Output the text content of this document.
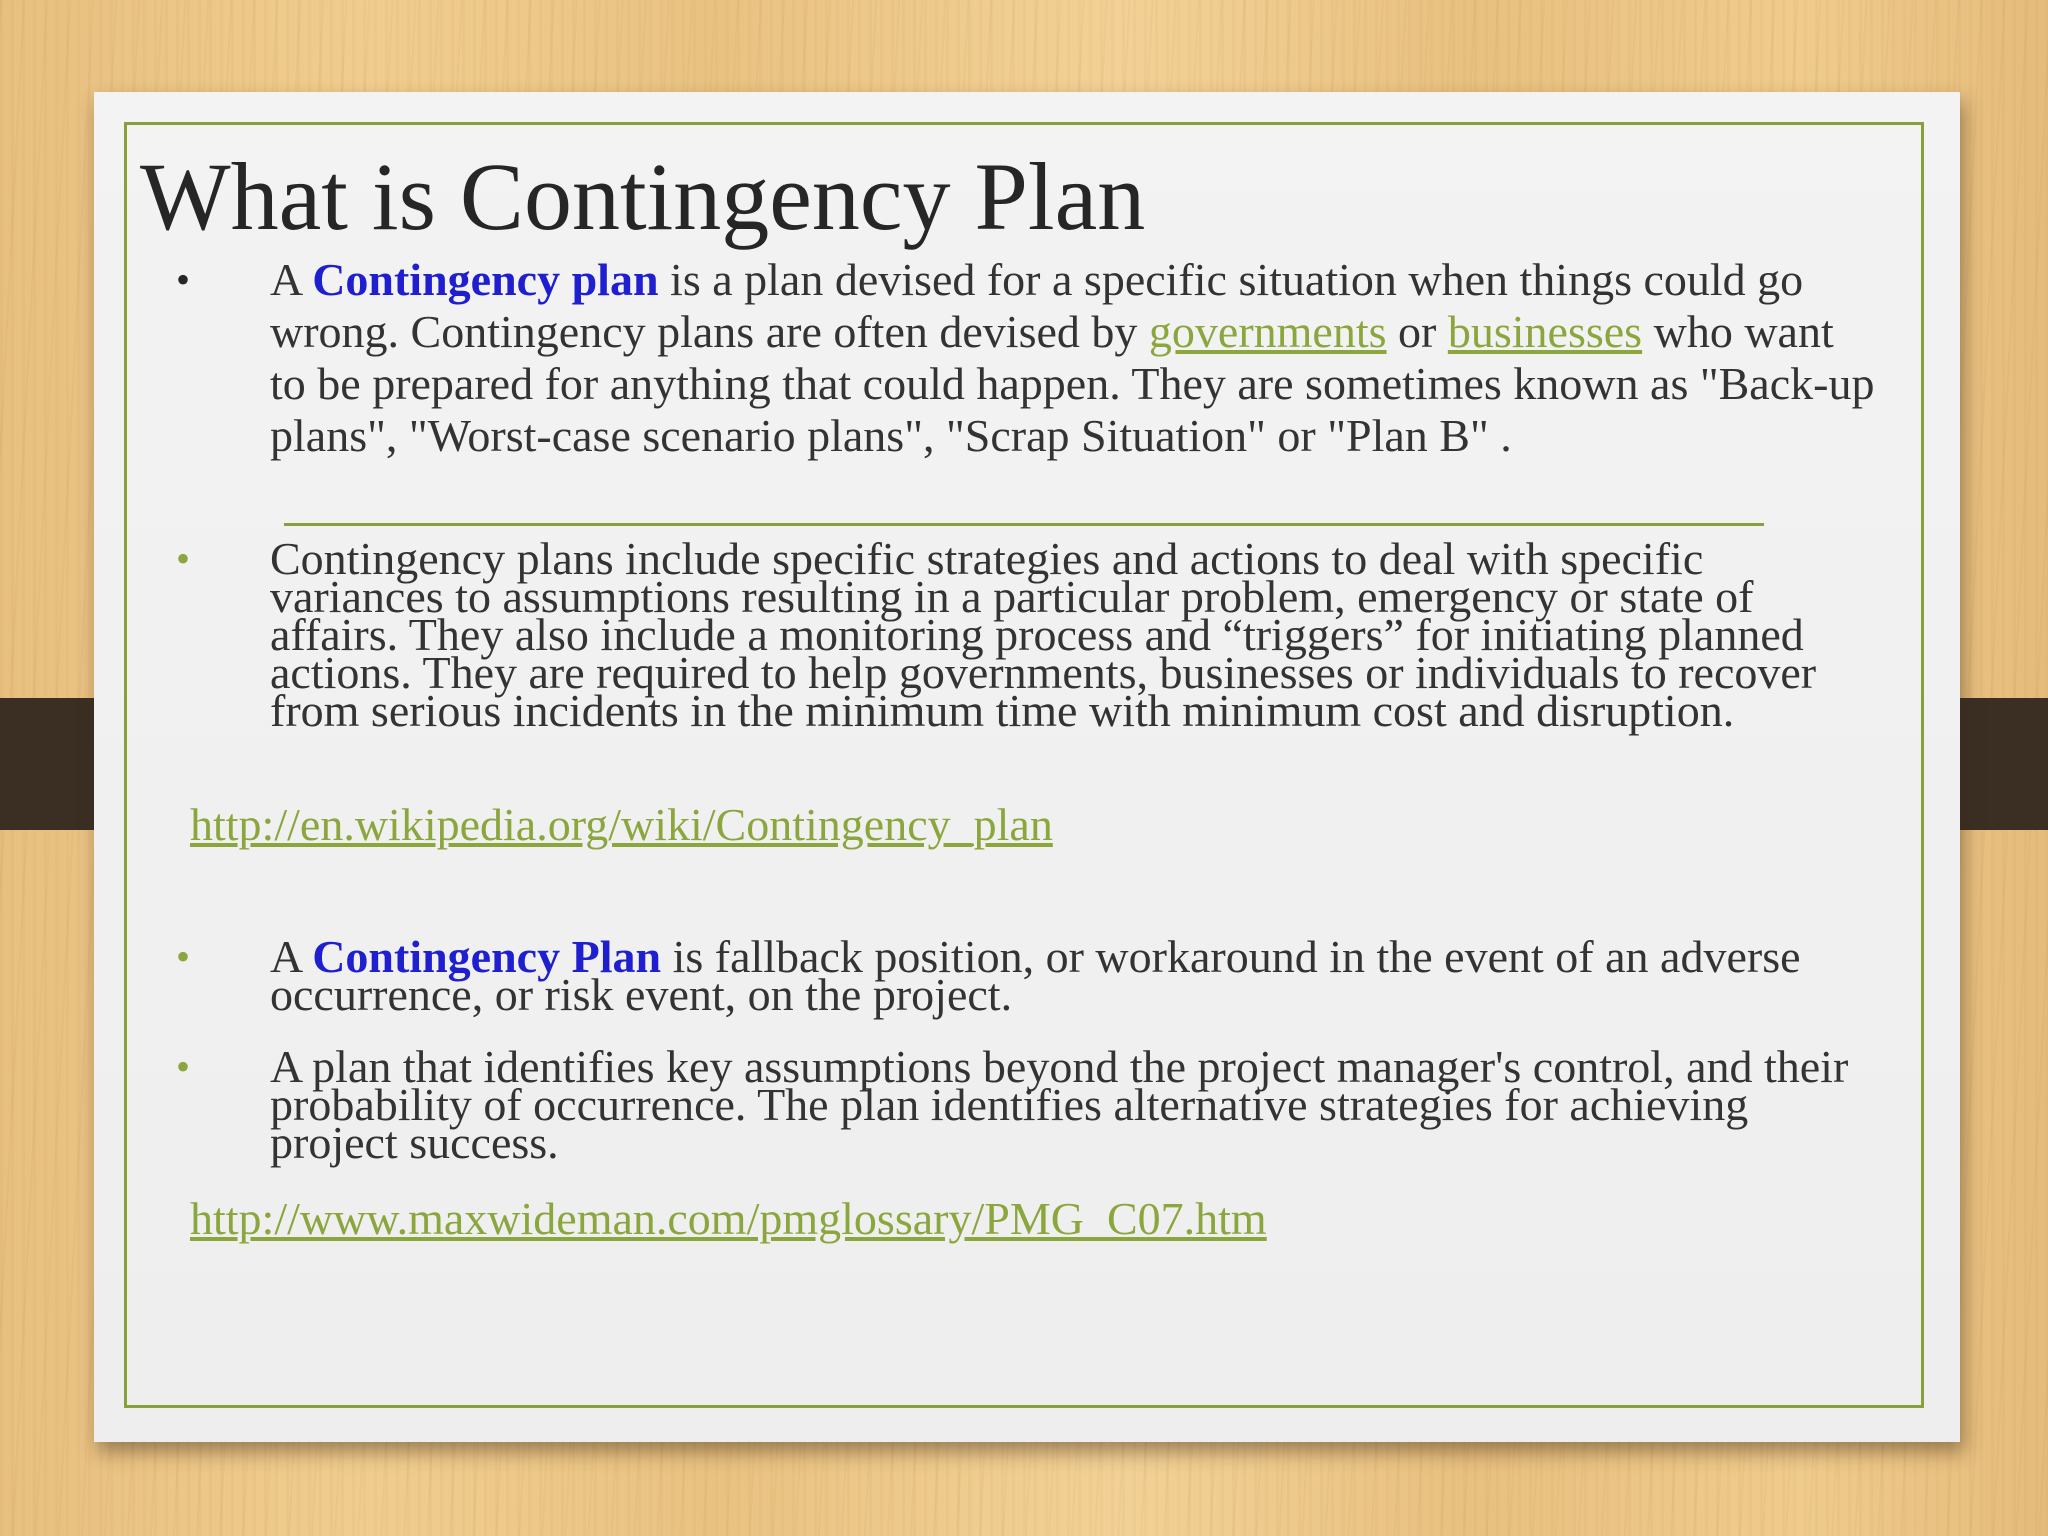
What is Contingency Plan

• A Contingency plan is a plan devised for a specific situation when things could go wrong. Contingency plans are often devised by governments or businesses who want to be prepared for anything that could happen. They are sometimes known as "Back-up plans", "Worst-case scenario plans", "Scrap Situation" or "Plan B" .

• Contingency plans include specific strategies and actions to deal with specific variances to assumptions resulting in a particular problem, emergency or state of affairs. They also include a monitoring process and “triggers” for initiating planned actions. They are required to help governments, businesses or individuals to recover from serious incidents in the minimum time with minimum cost and disruption.

http://en.wikipedia.org/wiki/Contingency_plan

• A Contingency Plan is fallback position, or workaround in the event of an adverse occurrence, or risk event, on the project.

• A plan that identifies key assumptions beyond the project manager's control, and their probability of occurrence. The plan identifies alternative strategies for achieving project success.

http://www.maxwideman.com/pmglossary/PMG_C07.htm
